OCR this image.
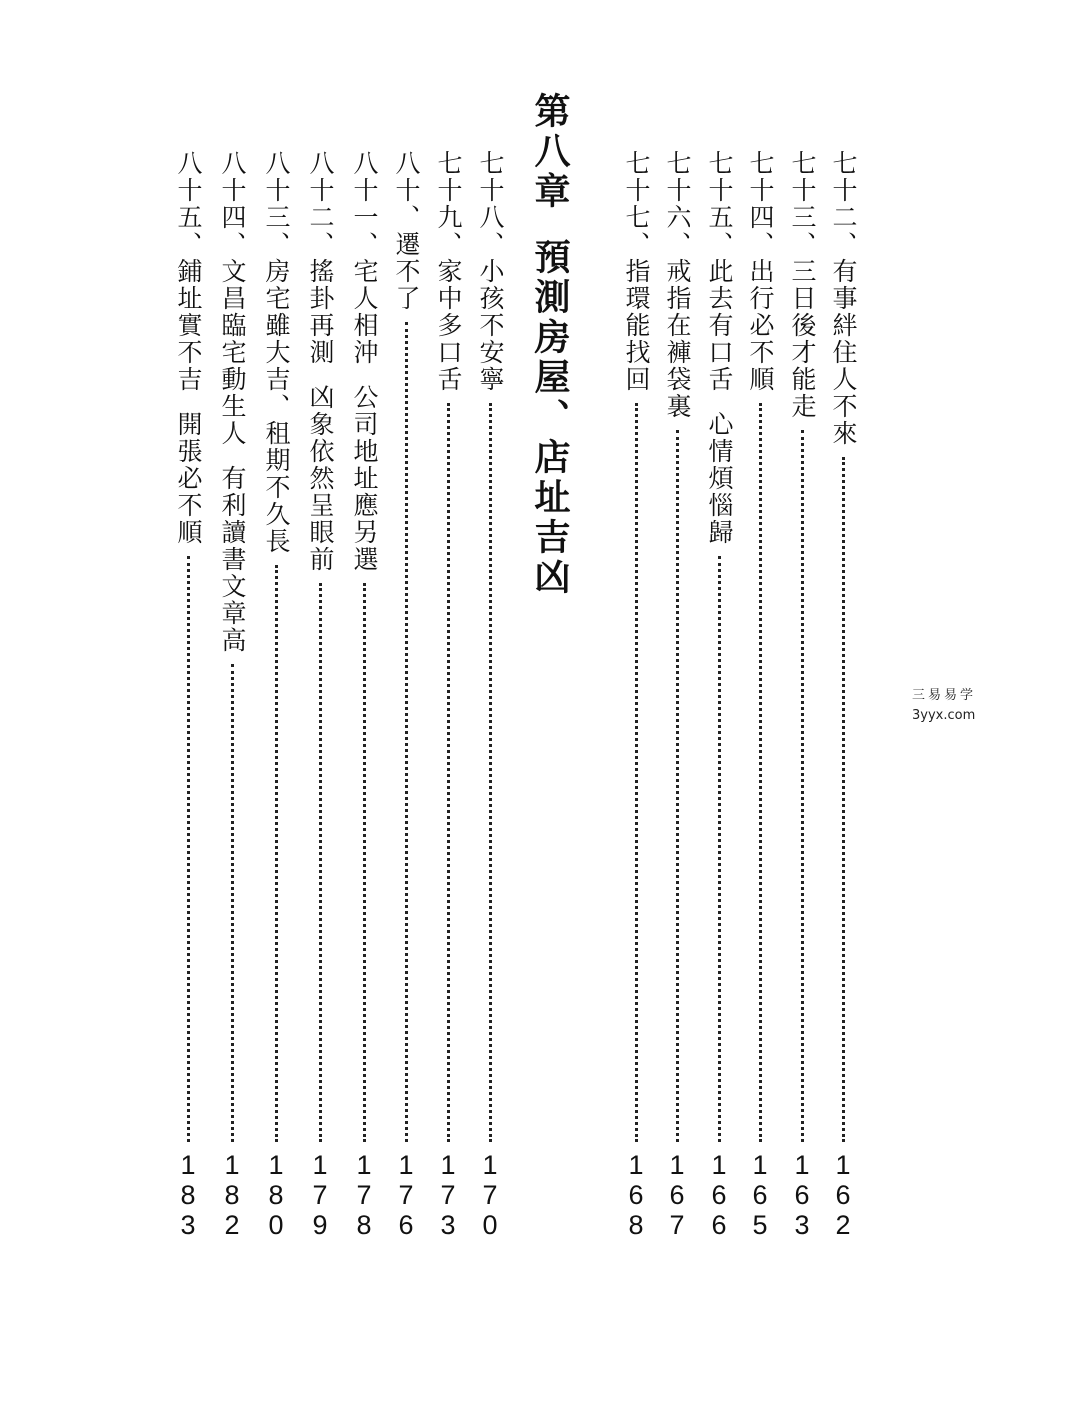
七十二、有事絆住人不來
162
七十三、三日後才能走
163
七十四、出行必不順
165
七十五、此去有口舌
心情煩惱歸
166
七十六、戒指在褲袋裏
167
七十七、指環能找回
168
第八章預測房屋、店址吉凶
七十八、小孩不安寧
170
七十九、家中多口舌
173
八十、遷不了
176
八十一、宅人相沖
公司地址應另選
178
八十二、搖卦再測
凶象依然呈眼前
179
八十三、房宅雖大吉、租期不久長
180
八十四、文昌臨宅動生人
有利讀書文章高
182
八十五、鋪址實不吉
開張必不順
183
三易易学
3yyx.com
